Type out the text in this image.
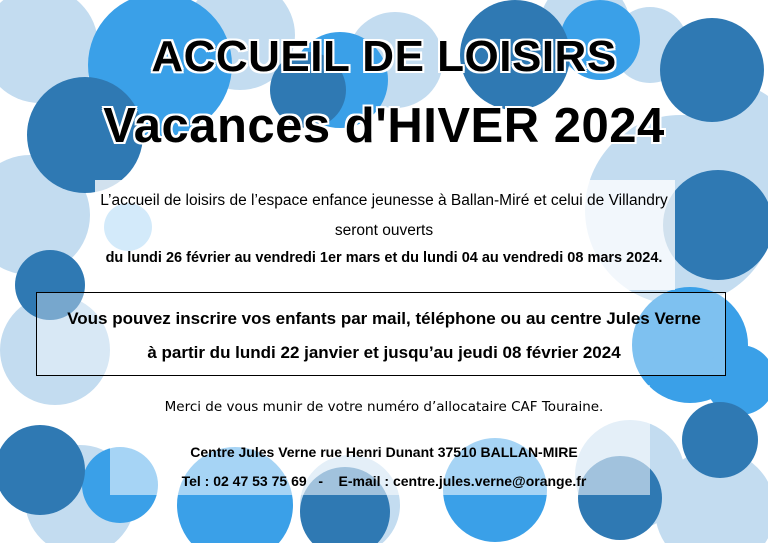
ACCUEIL DE LOISIRS
Vacances d'HIVER 2024
L’accueil de loisirs de l’espace enfance jeunesse à Ballan-Miré et celui de Villandry
seront ouverts
du lundi 26 février au vendredi 1er mars et du lundi 04 au vendredi 08 mars 2024.
Vous pouvez inscrire vos enfants par mail, téléphone ou au centre Jules Verne
à partir du lundi 22 janvier et jusqu’au jeudi 08 février 2024
Merci de vous munir de votre numéro d’allocataire CAF Touraine.
Centre Jules Verne rue Henri Dunant 37510 BALLAN-MIRE
Tel : 02 47 53 75 69   -    E-mail : centre.jules.verne@orange.fr
